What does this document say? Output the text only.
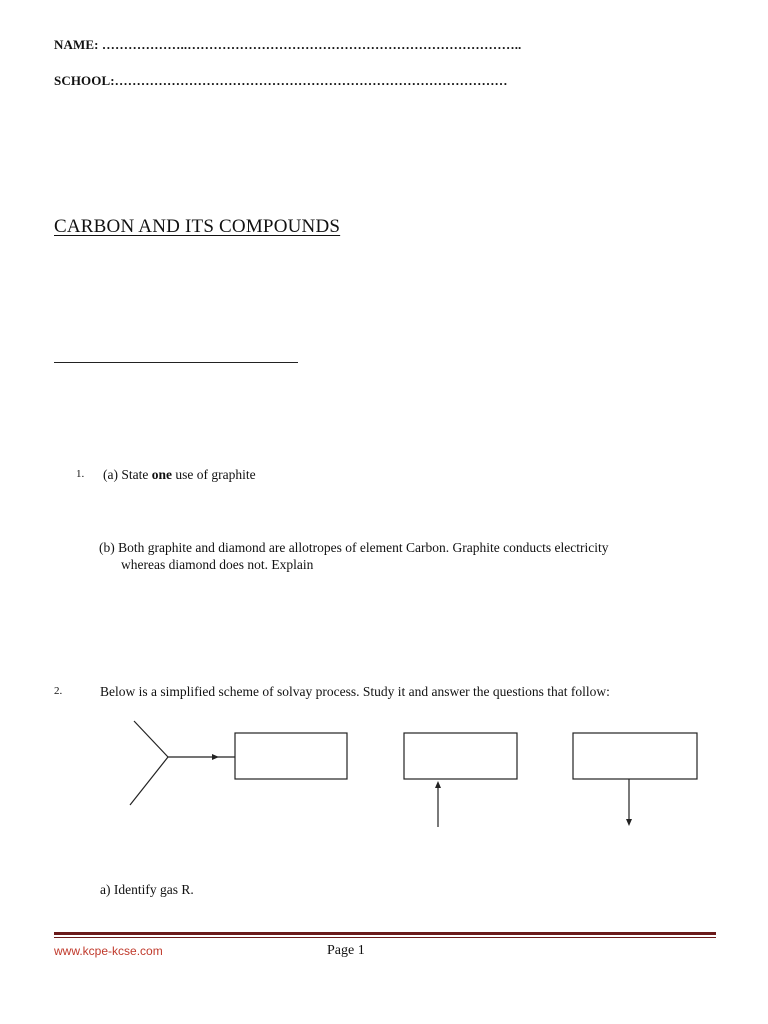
NAME: ………………..…………………………………………………………………..
SCHOOL:………………………………………………………………………………
CARBON AND ITS COMPOUNDS
1. (a) State one use of graphite
(b) Both graphite and diamond are allotropes of element Carbon. Graphite conducts electricity
whereas diamond does not. Explain
2.	Below is a simplified scheme of solvay process. Study it and answer the questions that follow:
a) Identify gas R.
www.kcpe-kcse.com	Page 1
